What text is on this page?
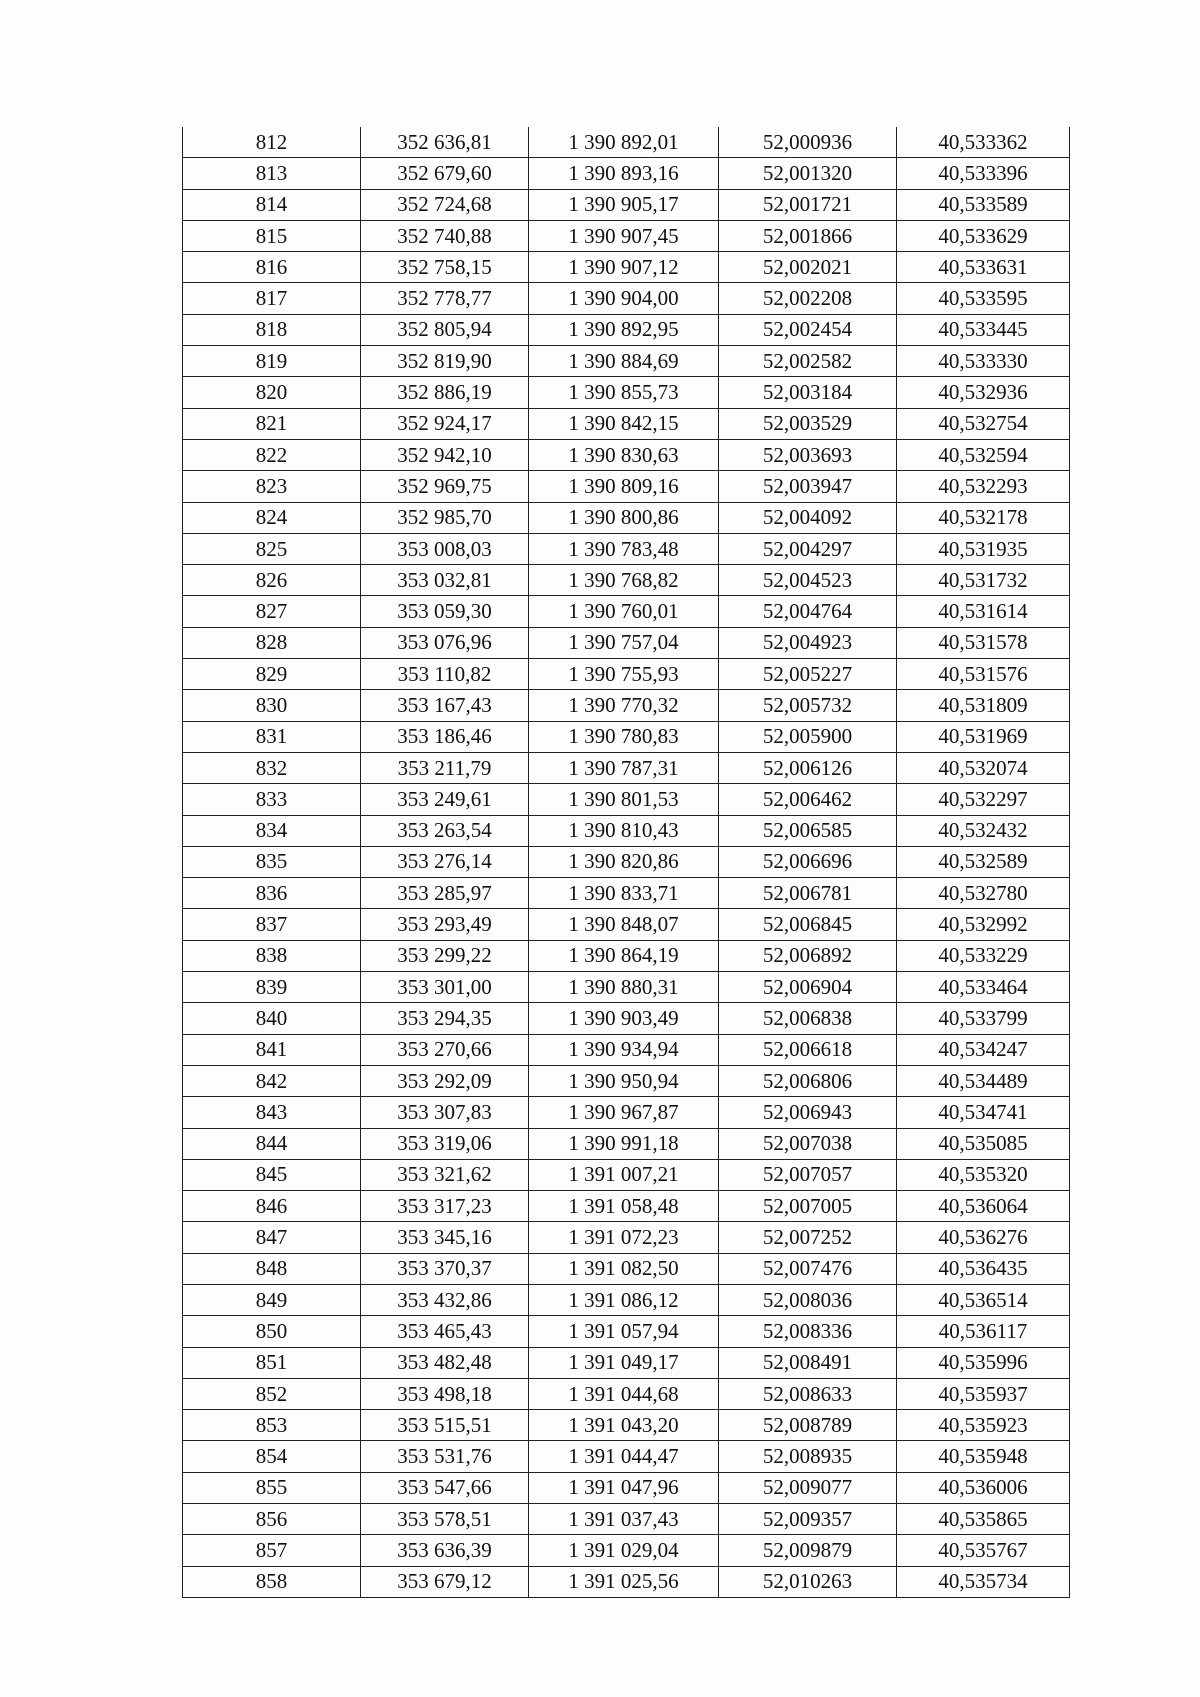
812	352 636,81	1 390 892,01	52,000936	40,533362
813	352 679,60	1 390 893,16	52,001320	40,533396
814	352 724,68	1 390 905,17	52,001721	40,533589
815	352 740,88	1 390 907,45	52,001866	40,533629
816	352 758,15	1 390 907,12	52,002021	40,533631
817	352 778,77	1 390 904,00	52,002208	40,533595
818	352 805,94	1 390 892,95	52,002454	40,533445
819	352 819,90	1 390 884,69	52,002582	40,533330
820	352 886,19	1 390 855,73	52,003184	40,532936
821	352 924,17	1 390 842,15	52,003529	40,532754
822	352 942,10	1 390 830,63	52,003693	40,532594
823	352 969,75	1 390 809,16	52,003947	40,532293
824	352 985,70	1 390 800,86	52,004092	40,532178
825	353 008,03	1 390 783,48	52,004297	40,531935
826	353 032,81	1 390 768,82	52,004523	40,531732
827	353 059,30	1 390 760,01	52,004764	40,531614
828	353 076,96	1 390 757,04	52,004923	40,531578
829	353 110,82	1 390 755,93	52,005227	40,531576
830	353 167,43	1 390 770,32	52,005732	40,531809
831	353 186,46	1 390 780,83	52,005900	40,531969
832	353 211,79	1 390 787,31	52,006126	40,532074
833	353 249,61	1 390 801,53	52,006462	40,532297
834	353 263,54	1 390 810,43	52,006585	40,532432
835	353 276,14	1 390 820,86	52,006696	40,532589
836	353 285,97	1 390 833,71	52,006781	40,532780
837	353 293,49	1 390 848,07	52,006845	40,532992
838	353 299,22	1 390 864,19	52,006892	40,533229
839	353 301,00	1 390 880,31	52,006904	40,533464
840	353 294,35	1 390 903,49	52,006838	40,533799
841	353 270,66	1 390 934,94	52,006618	40,534247
842	353 292,09	1 390 950,94	52,006806	40,534489
843	353 307,83	1 390 967,87	52,006943	40,534741
844	353 319,06	1 390 991,18	52,007038	40,535085
845	353 321,62	1 391 007,21	52,007057	40,535320
846	353 317,23	1 391 058,48	52,007005	40,536064
847	353 345,16	1 391 072,23	52,007252	40,536276
848	353 370,37	1 391 082,50	52,007476	40,536435
849	353 432,86	1 391 086,12	52,008036	40,536514
850	353 465,43	1 391 057,94	52,008336	40,536117
851	353 482,48	1 391 049,17	52,008491	40,535996
852	353 498,18	1 391 044,68	52,008633	40,535937
853	353 515,51	1 391 043,20	52,008789	40,535923
854	353 531,76	1 391 044,47	52,008935	40,535948
855	353 547,66	1 391 047,96	52,009077	40,536006
856	353 578,51	1 391 037,43	52,009357	40,535865
857	353 636,39	1 391 029,04	52,009879	40,535767
858	353 679,12	1 391 025,56	52,010263	40,535734
